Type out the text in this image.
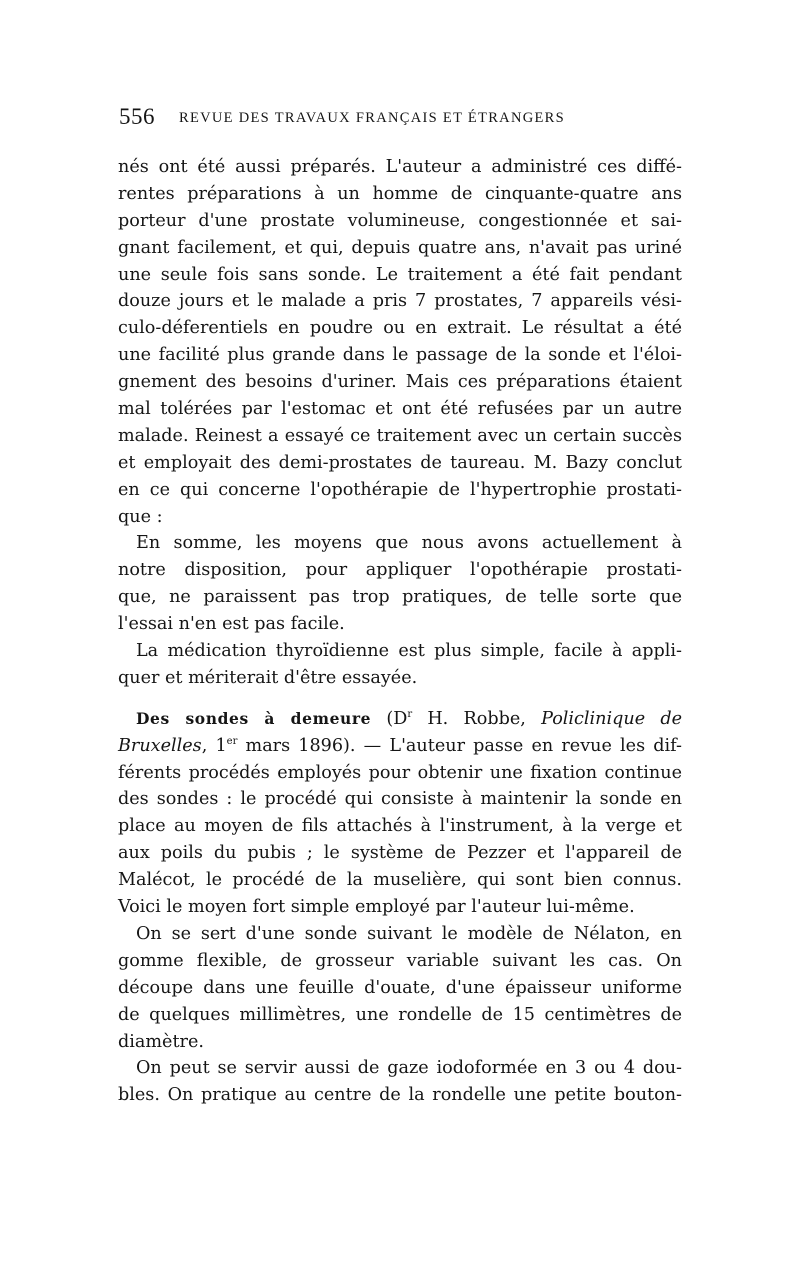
556 REVUE DES TRAVAUX FRANÇAIS ET ÉTRANGERS
nés ont été aussi préparés. L'auteur a administré ces diffé-
rentes préparations à un homme de cinquante-quatre ans
porteur d'une prostate volumineuse, congestionnée et sai-
gnant facilement, et qui, depuis quatre ans, n'avait pas uriné
une seule fois sans sonde. Le traitement a été fait pendant
douze jours et le malade a pris 7 prostates, 7 appareils vési-
culo-déferentiels en poudre ou en extrait. Le résultat a été
une facilité plus grande dans le passage de la sonde et l'éloi-
gnement des besoins d'uriner. Mais ces préparations étaient
mal tolérées par l'estomac et ont été refusées par un autre
malade. Reinest a essayé ce traitement avec un certain succès
et employait des demi-prostates de taureau. M. Bazy conclut
en ce qui concerne l'opothérapie de l'hypertrophie prostati-
que :
En somme, les moyens que nous avons actuellement à
notre disposition, pour appliquer l'opothérapie prostati-
que, ne paraissent pas trop pratiques, de telle sorte que
l'essai n'en est pas facile.
La médication thyroïdienne est plus simple, facile à appli-
quer et mériterait d'être essayée.
Des sondes à demeure ($D^r$ H. Robbe, Policlinique de
Bruxelles, 1er mars 1896). — L'auteur passe en revue les dif-
férents procédés employés pour obtenir une fixation continue
des sondes : le procédé qui consiste à maintenir la sonde en
place au moyen de fils attachés à l'instrument, à la verge et
aux poils du pubis ; le système de Pezzer et l'appareil de
Malécot, le procédé de la muselière, qui sont bien connus.
Voici le moyen fort simple employé par l'auteur lui-même.
On se sert d'une sonde suivant le modèle de Nélaton, en
gomme flexible, de grosseur variable suivant les cas. On
découpe dans une feuille d'ouate, d'une épaisseur uniforme
de quelques millimètres, une rondelle de 15 centimètres de
diamètre.
On peut se servir aussi de gaze iodoformée en 3 ou 4 dou-
bles. On pratique au centre de la rondelle une petite bouton-
